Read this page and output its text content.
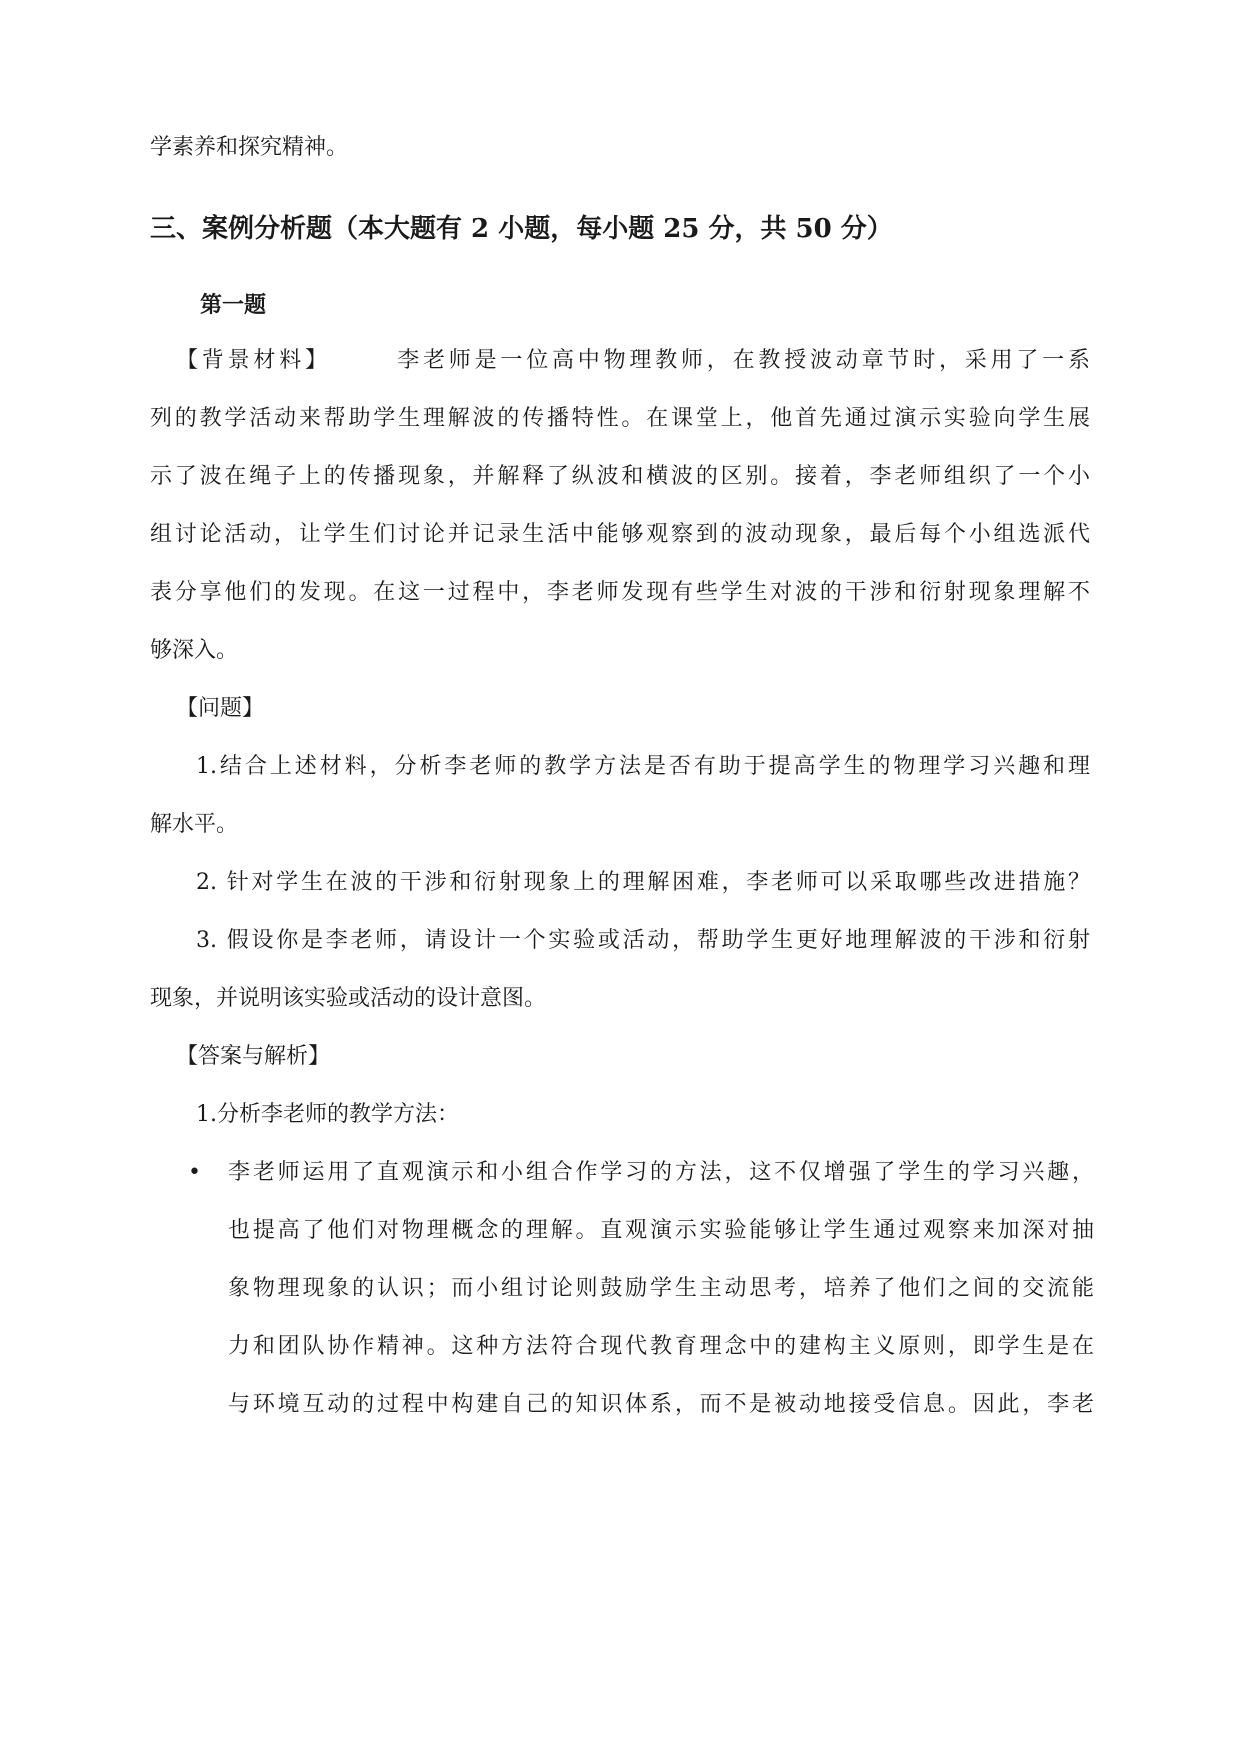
学素养和探究精神。
三、案例分析题（本大题有 2 小题，每小题 25 分，共 50 分）
第一题
【背景材料】　　　李老师是一位高中物理教师，在教授波动章节时，采用了一系
列的教学活动来帮助学生理解波的传播特性。在课堂上，他首先通过演示实验向学生展
示了波在绳子上的传播现象，并解释了纵波和横波的区别。接着，李老师组织了一个小
组讨论活动，让学生们讨论并记录生活中能够观察到的波动现象，最后每个小组选派代
表分享他们的发现。在这一过程中，李老师发现有些学生对波的干涉和衍射现象理解不
够深入。
【问题】
1.结合上述材料，分析李老师的教学方法是否有助于提高学生的物理学习兴趣和理
解水平。
2. 针对学生在波的干涉和衍射现象上的理解困难，李老师可以采取哪些改进措施？
3. 假设你是李老师，请设计一个实验或活动，帮助学生更好地理解波的干涉和衍射
现象，并说明该实验或活动的设计意图。
【答案与解析】
1.分析李老师的教学方法：
• 李老师运用了直观演示和小组合作学习的方法，这不仅增强了学生的学习兴趣，
也提高了他们对物理概念的理解。直观演示实验能够让学生通过观察来加深对抽
象物理现象的认识；而小组讨论则鼓励学生主动思考，培养了他们之间的交流能
力和团队协作精神。这种方法符合现代教育理念中的建构主义原则，即学生是在
与环境互动的过程中构建自己的知识体系，而不是被动地接受信息。因此，李老
